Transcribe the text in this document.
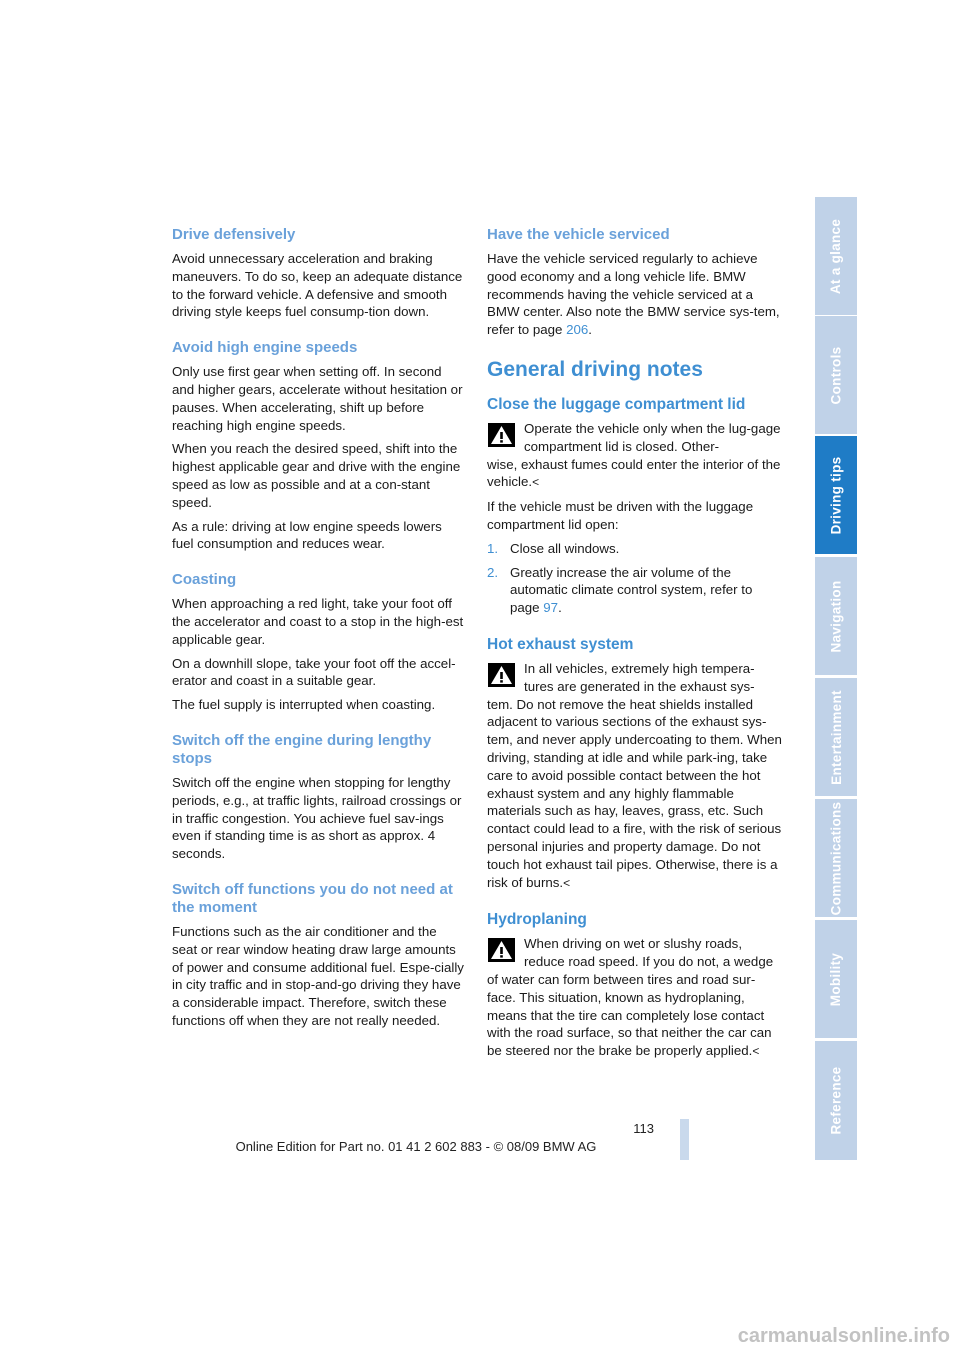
Drive defensively

Avoid unnecessary acceleration and braking maneuvers. To do so, keep an adequate distance to the forward vehicle. A defensive and smooth driving style keeps fuel consump-tion down.

Avoid high engine speeds

Only use first gear when setting off. In second and higher gears, accelerate without hesitation or pauses. When accelerating, shift up before reaching high engine speeds.

When you reach the desired speed, shift into the highest applicable gear and drive with the engine speed as low as possible and at a con-stant speed.

As a rule: driving at low engine speeds lowers fuel consumption and reduces wear.

Coasting

When approaching a red light, take your foot off the accelerator and coast to a stop in the high-est applicable gear.

On a downhill slope, take your foot off the accel-erator and coast in a suitable gear.

The fuel supply is interrupted when coasting.

Switch off the engine during lengthy stops

Switch off the engine when stopping for lengthy periods, e.g., at traffic lights, railroad crossings or in traffic congestion. You achieve fuel sav-ings even if standing time is as short as approx. 4 seconds.

Switch off functions you do not need at the moment

Functions such as the air conditioner and the seat or rear window heating draw large amounts of power and consume additional fuel. Espe-cially in city traffic and in stop-and-go driving they have a considerable impact. Therefore, switch these functions off when they are not really needed.

Have the vehicle serviced

Have the vehicle serviced regularly to achieve good economy and a long vehicle life. BMW recommends having the vehicle serviced at a BMW center. Also note the BMW service sys-tem, refer to page 206.

General driving notes
Close the luggage compartment lid

Operate the vehicle only when the lug-gage compartment lid is closed. Other-

wise, exhaust fumes could enter the interior of the vehicle.<

If the vehicle must be driven with the luggage compartment lid open:

1. Close all windows.
2. Greatly increase the air volume of the automatic climate control system, refer to page 97.
Hot exhaust system

In all vehicles, extremely high tempera-tures are generated in the exhaust sys-

tem. Do not remove the heat shields installed adjacent to various sections of the exhaust sys-tem, and never apply undercoating to them. When driving, standing at idle and while park-ing, take care to avoid possible contact between the hot exhaust system and any highly flammable materials such as hay, leaves, grass, etc. Such contact could lead to a fire, with the risk of serious personal injuries and property damage. Do not touch hot exhaust tail pipes. Otherwise, there is a risk of burns.<

Hydroplaning

When driving on wet or slushy roads, reduce road speed. If you do not, a wedge

of water can form between tires and road sur-face. This situation, known as hydroplaning, means that the tire can completely lose contact with the road surface, so that neither the car can be steered nor the brake be properly applied.<

At a glance
Controls
Driving tips
Navigation
Entertainment
Communications
Mobility
Reference
113
Online Edition for Part no. 01 41 2 602 883 - © 08/09 BMW AG
carmanualsonline.info
